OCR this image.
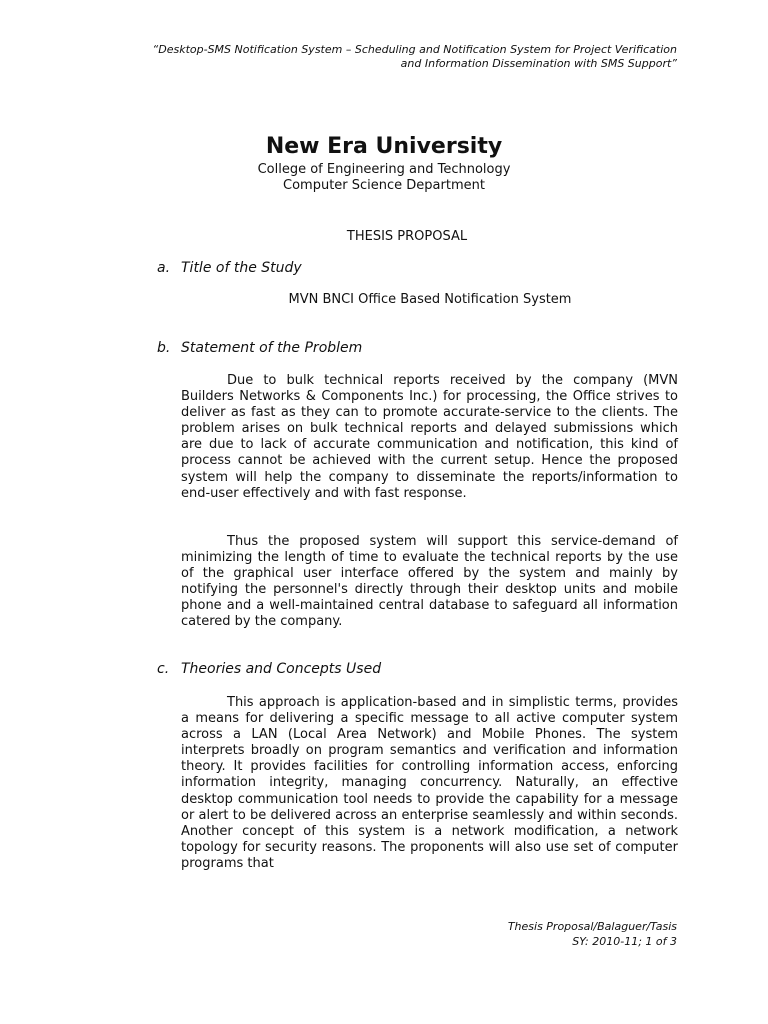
“Desktop-SMS Notification System – Scheduling and Notification System for Project Verification
and Information Dissemination with SMS Support”
New Era University
College of Engineering and Technology
Computer Science Department
THESIS PROPOSAL
a. Title of the Study
MVN BNCI Office Based Notification System
b. Statement of the Problem

Due to bulk technical reports received by the company (MVN Builders Networks & Components Inc.) for processing, the Office strives to deliver as fast as they can to promote accurate-service to the clients. The problem arises on bulk technical reports and delayed submissions which are due to lack of accurate communication and notification, this kind of process cannot be achieved with the current setup. Hence the proposed system will help the company to disseminate the reports/information to end-user effectively and with fast response.

Thus the proposed system will support this service-demand of minimizing the length of time to evaluate the technical reports by the use of the graphical user interface offered by the system and mainly by notifying the personnel's directly through their desktop units and mobile phone and a well-maintained central database to safeguard all information catered by the company.

c. Theories and Concepts Used

This approach is application-based and in simplistic terms, provides a means for delivering a specific message to all active computer system across a LAN (Local Area Network) and Mobile Phones. The system interprets broadly on program semantics and verification and information theory. It provides facilities for controlling information access, enforcing information integrity, managing concurrency. Naturally, an effective desktop communication tool needs to provide the capability for a message or alert to be delivered across an enterprise seamlessly and within seconds. Another concept of this system is a network modification, a network topology for security reasons. The proponents will also use set of computer programs that

Thesis Proposal/Balaguer/Tasis
SY: 2010-11; 1 of 3
